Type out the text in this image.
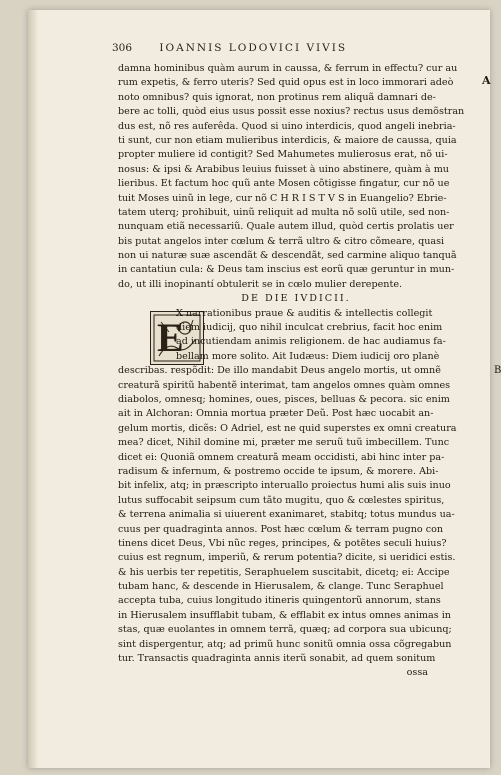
306	IOANNIS LODOVICI VIVIS
A
B
E
damna hominibus quàm aurum in caussa, & ferrum in effectu? cur au
rum expetis, & ferro uteris? Sed quid opus est in loco immorari adeò
noto omnibus? quis ignorat, non protinus rem aliquã damnari de-
bere ac tolli, quòd eius usus possit esse noxius? rectus usus demõstran
dus est, nõ res auferêda. Quod si uino interdicis, quod angeli inebria-
ti sunt, cur non etiam mulieribus interdicis, & maiore de caussa, quia
propter muliere id contigit? Sed Mahumetes mulierosus erat, nõ ui-
nosus: & ipsi & Arabibus leuius fuisset à uino abstinere, quàm à mu
lieribus. Et factum hoc quũ ante Mosen cõtigisse fingatur, cur nõ ue
tuit Moses uinũ in lege, cur nõ C H R I S T V S in Euangelio? Ebrie-
tatem uterq; prohibuit, uinũ reliquit ad multa nõ solũ utile, sed non-
nunquam etiã necessariũ. Quale autem illud, quòd certis prolatis uer
bis putat angelos inter cœlum & terrã ultro & citro cõmeare, quasi
non ui naturæ suæ ascendãt & descendãt, sed carmine aliquo tanquã
in cantatiun cula: & Deus tam inscius est eorũ quæ geruntur in mun-
do, ut illi inopinantí obtulerit se in cœlo mulier derepente.
DE DIE IVDICII.
X narrationibus praue & auditis & intellectis collegit
diem iudicij, quo nihil inculcat crebrius, facit hoc enim
ad incutiendam animis religionem. de hac audiamus fa-
bellam more solito. Ait Iudæus: Diem iudicij oro planè
describas. respõdit: De illo mandabit Deus angelo mortis, ut omnẽ
creaturã spiritũ habentẽ interimat, tam angelos omnes quàm omnes
diabolos, omnesq; homines, oues, pisces, belluas & pecora. sic enim
ait in Alchoran: Omnia mortua præter Deũ. Post hæc uocabit an-
gelum mortis, dicẽs: O Adriel, est ne quid superstes ex omni creatura
mea? dicet, Nihil domine mi, præter me seruũ tuũ imbecillem. Tunc
dicet ei: Quoniã omnem creaturã meam occidisti, abi hinc inter pa-
radisum & infernum, & postremo occide te ipsum, & morere. Abi-
bit infelix, atq; in præscripto interuallo proiectus humi alis suis inuo
lutus suffocabit seipsum cum tãto mugitu, quo & cœlestes spiritus,
& terrena animalia si uiuerent exanimaret, stabitq; totus mundus ua-
cuus per quadraginta annos. Post hæc cœlum & terram pugno con
tinens dicet Deus, Vbi nũc reges, principes, & potẽtes seculi huius?
cuius est regnum, imperiũ, & rerum potentia? dicite, si ueridici estis.
& his uerbis ter repetitis, Seraphuelem suscitabit, dicetq; ei: Accipe
tubam hanc, & descende in Hierusalem, & clange. Tunc Seraphuel
accepta tuba, cuius longitudo itineris quingentorũ annorum, stans
in Hierusalem insufflabit tubam, & efflabit ex intus omnes animas in
stas, quæ euolantes in omnem terrã, quæq; ad corpora sua ubicunq;
sint dispergentur, atq; ad primũ hunc sonitũ omnia ossa cõgregabun
tur. Transactis quadraginta annis iterũ sonabit, ad quem sonitum
ossa
